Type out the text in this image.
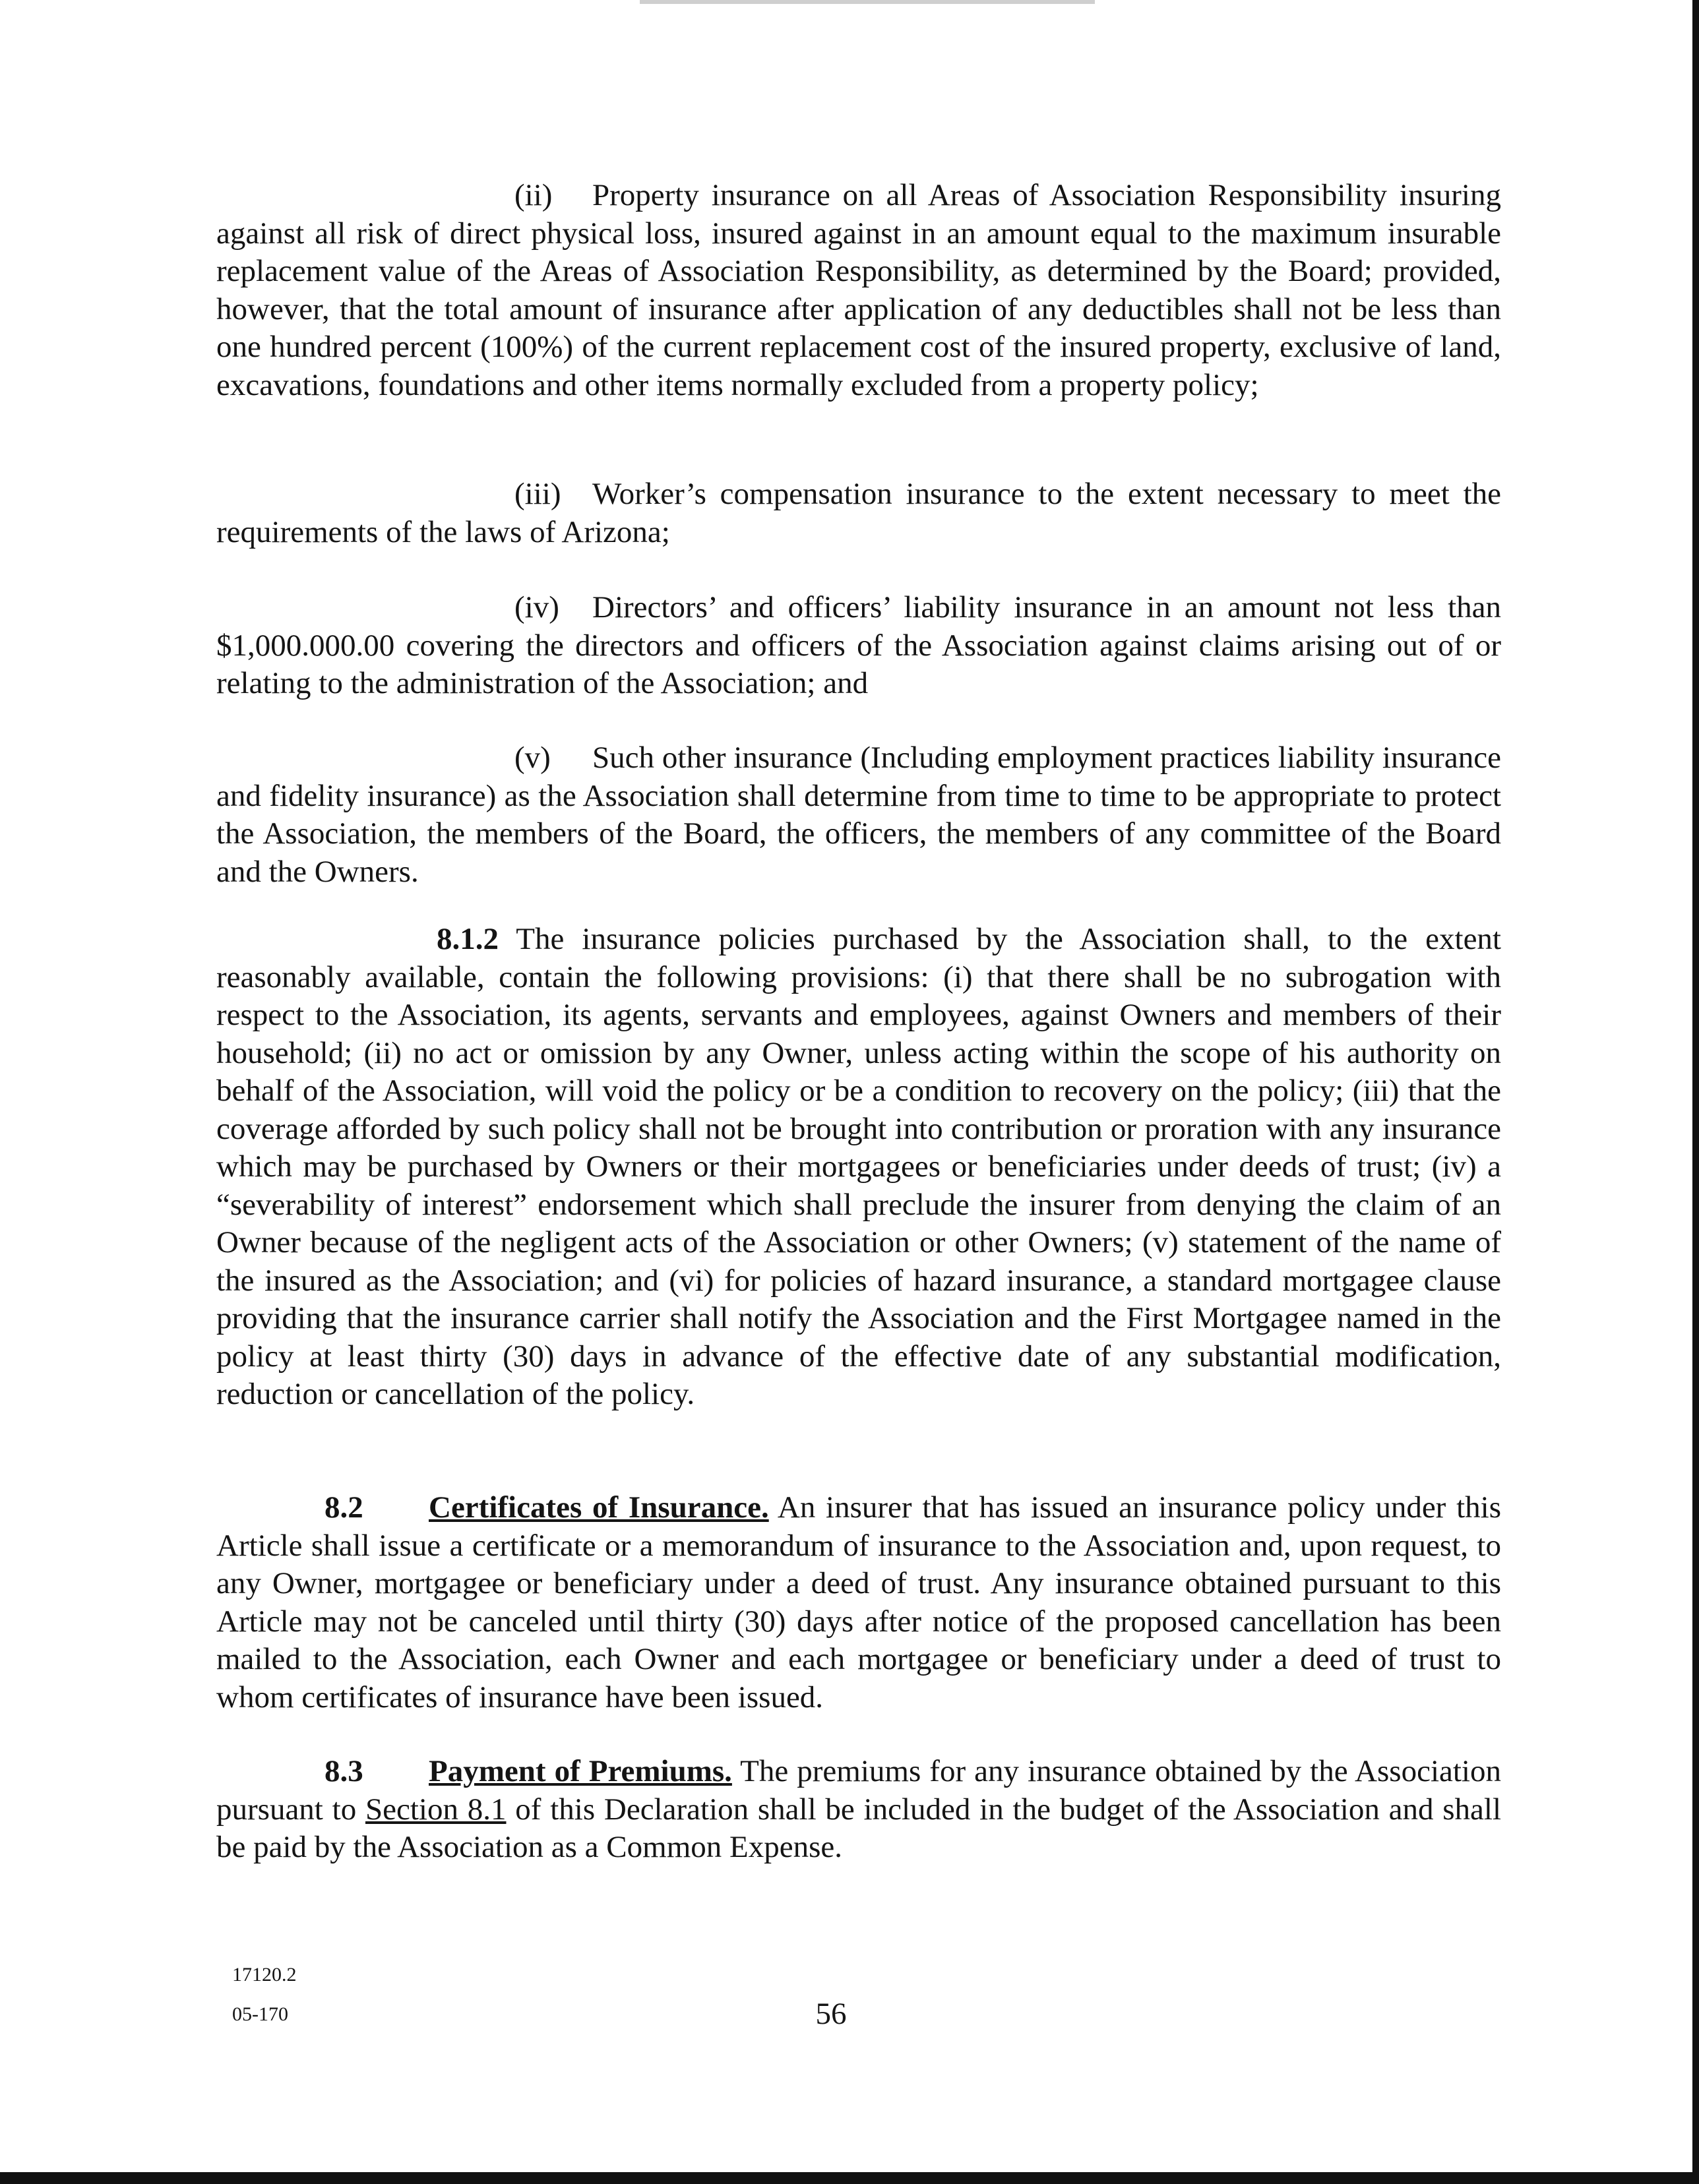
(ii) Property insurance on all Areas of Association Responsibility insuring against all risk of direct physical loss, insured against in an amount equal to the maximum insurable replacement value of the Areas of Association Responsibility, as determined by the Board; provided, however, that the total amount of insurance after application of any deductibles shall not be less than one hundred percent (100%) of the current replacement cost of the insured property, exclusive of land, excavations, foundations and other items normally excluded from a property policy;

(iii) Worker’s compensation insurance to the extent necessary to meet the requirements of the laws of Arizona;

(iv) Directors’ and officers’ liability insurance in an amount not less than $1,000.000.00 covering the directors and officers of the Association against claims arising out of or relating to the administration of the Association; and

(v) Such other insurance (Including employment practices liability insurance and fidelity insurance) as the Association shall determine from time to time to be appropriate to protect the Association, the members of the Board, the officers, the members of any committee of the Board and the Owners.

8.1.2 The insurance policies purchased by the Association shall, to the extent reasonably available, contain the following provisions: (i) that there shall be no subrogation with respect to the Association, its agents, servants and employees, against Owners and members of their household; (ii) no act or omission by any Owner, unless acting within the scope of his authority on behalf of the Association, will void the policy or be a condition to recovery on the policy; (iii) that the coverage afforded by such policy shall not be brought into contribution or proration with any insurance which may be purchased by Owners or their mortgagees or beneficiaries under deeds of trust; (iv) a “severability of interest” endorsement which shall preclude the insurer from denying the claim of an Owner because of the negligent acts of the Association or other Owners; (v) statement of the name of the insured as the Association; and (vi) for policies of hazard insurance, a standard mortgagee clause providing that the insurance carrier shall notify the Association and the First Mortgagee named in the policy at least thirty (30) days in advance of the effective date of any substantial modification, reduction or cancellation of the policy.

8.2 Certificates of Insurance. An insurer that has issued an insurance policy under this Article shall issue a certificate or a memorandum of insurance to the Association and, upon request, to any Owner, mortgagee or beneficiary under a deed of trust. Any insurance obtained pursuant to this Article may not be canceled until thirty (30) days after notice of the proposed cancellation has been mailed to the Association, each Owner and each mortgagee or beneficiary under a deed of trust to whom certificates of insurance have been issued.

8.3 Payment of Premiums. The premiums for any insurance obtained by the Association pursuant to Section 8.1 of this Declaration shall be included in the budget of the Association and shall be paid by the Association as a Common Expense.

17120.2
05-170	56
